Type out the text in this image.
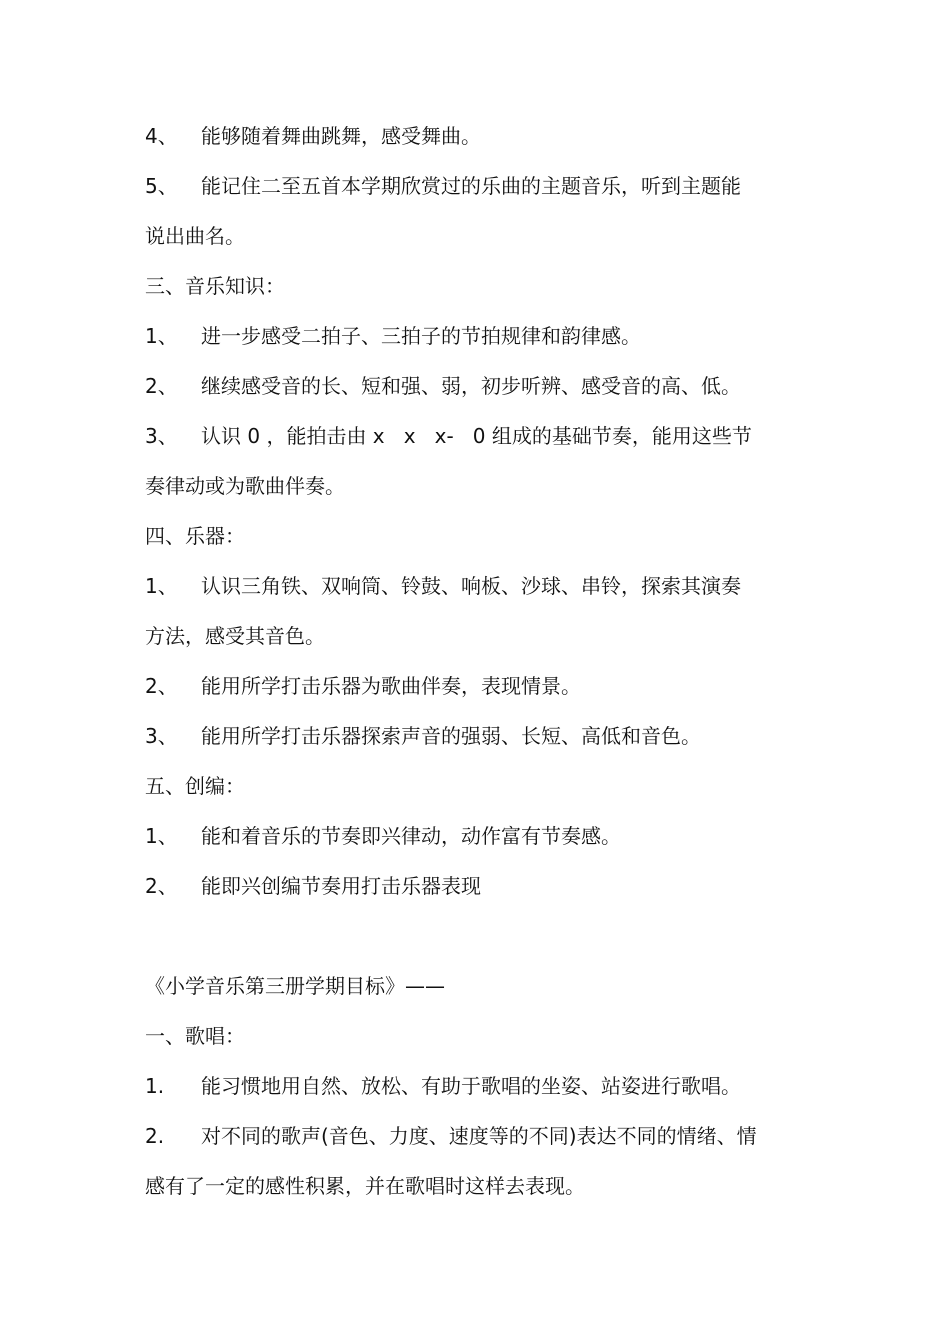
4、 能够随着舞曲跳舞，感受舞曲。
5、 能记住二至五首本学期欣赏过的乐曲的主题音乐，听到主题能
说出曲名。
三、音乐知识：
1、 进一步感受二拍子、三拍子的节拍规律和韵律感。
2、 继续感受音的长、短和强、弱，初步听辨、感受音的高、低。
3、 认识 0 ，能拍击由 x   x   x-   0 组成的基础节奏，能用这些节
奏律动或为歌曲伴奏。
四、乐器：
1、 认识三角铁、双响筒、铃鼓、响板、沙球、串铃，探索其演奏
方法，感受其音色。
2、 能用所学打击乐器为歌曲伴奏，表现情景。
3、 能用所学打击乐器探索声音的强弱、长短、高低和音色。
五、创编：
1、 能和着音乐的节奏即兴律动，动作富有节奏感。
2、 能即兴创编节奏用打击乐器表现
《小学音乐第三册学期目标》——
一、歌唱：
1. 能习惯地用自然、放松、有助于歌唱的坐姿、站姿进行歌唱。
2. 对不同的歌声(音色、力度、速度等的不同)表达不同的情绪、情
感有了一定的感性积累，并在歌唱时这样去表现。
